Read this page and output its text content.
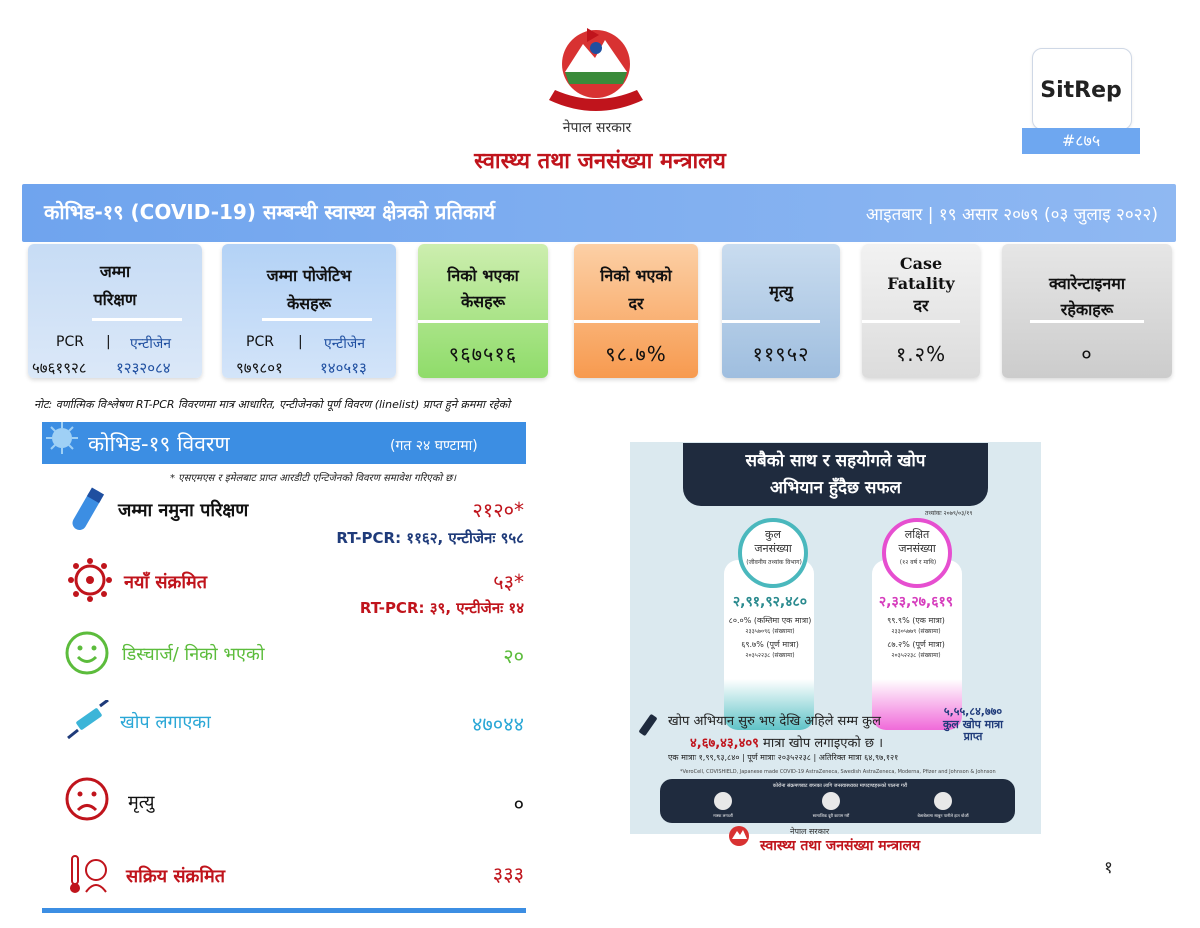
नेपाल सरकार
स्वास्थ्य तथा जनसंख्या मन्त्रालय
SitRep
#८७५
कोभिड-१९ (COVID-19) सम्बन्धी स्वास्थ्य क्षेत्रको प्रतिकार्य	आइतबार | १९ असार २०७९ (०३ जुलाइ २०२२)
जम्मा
परिक्षण
PCR | एन्टीजेन
५७६१९२८ १२३२०८४
जम्मा पोजेटिभ
केसहरू
PCR | एन्टीजेन
९७९८०१ १४०५१३
निको भएका
केसहरू
९६७५१६
निको भएको
दर
९८.७%
मृत्यु
११९५२
Case
Fatality
दर
१.२%
क्वारेन्टाइनमा
रहेकाहरू
०
नोट: वर्णात्मिक विश्लेषण RT-PCR विवरणमा मात्र आधारित, एन्टीजेनको पूर्ण विवरण (linelist) प्राप्त हुने क्रममा रहेको
कोभिड-१९ विवरण	(गत २४ घण्टामा)
* एसएमएस र इमेलबाट प्राप्त आरडीटी एन्टिजेनको विवरण समावेश गरिएको छ।
जम्मा नमुना परिक्षण	२१२०*
RT-PCR: ११६२, एन्टीजेनः ९५८
नयाँ संक्रमित	५३*
RT-PCR: ३९, एन्टीजेनः १४
डिस्चार्ज/ निको भएको	२०
खोप लगाएका	४७०४४
मृत्यु	०
सक्रिय संक्रमित	३३३
सबैको साथ र सहयोगले खोप
अभियान हुँदैछ सफल
तथ्यांकः २०७९/०३/१९
कुल
जनसंख्या
(जीवनीय तथ्यांक विभाग)
२,९१,९२,४८०
८०.०% (कम्तिमा एक मात्रा)
२३३५७०९६ (संख्यामा)
६९.७% (पूर्ण मात्रा)
२०३५२२३८ (संख्यामा)
लक्षित
जनसंख्या
(१२ वर्ष र माथि)
२,३३,२७,६१९
९९.९% (एक मात्रा)
२३३०५७७९ (संख्यामा)
८७.२% (पूर्ण मात्रा)
२०३५२२३८ (संख्यामा)
खोप अभियान सुरु भए देखि अहिले सम्म कुल
४,६७,४३,४०९ मात्रा खोप लगाइएको छ ।
५,५५,८४,७७०
कुल खोप मात्रा
प्राप्त
एक मात्राः १,९९,९३,८४० | पूर्ण मात्राः २०३५२२३८ | अतिरिक्त मात्रा ६४,९७,१२१
*VeroCell, COVISHIELD, Japanese made COVID-19 AstraZeneca, Swedish AstraZeneca, Moderna, Pfizer and Johnson & Johnson
कोरोना संक्रमणबाट बच्नका लागि जनस्वास्थ्यका मापदण्डहरूको पालना गरौं
मास्क लगाऔं	सामाजिक दूरी कायम गरौं	बेलाबेलामा साबुन पानीले हात धोऔं
नेपाल सरकार
स्वास्थ्य तथा जनसंख्या मन्त्रालय
१
